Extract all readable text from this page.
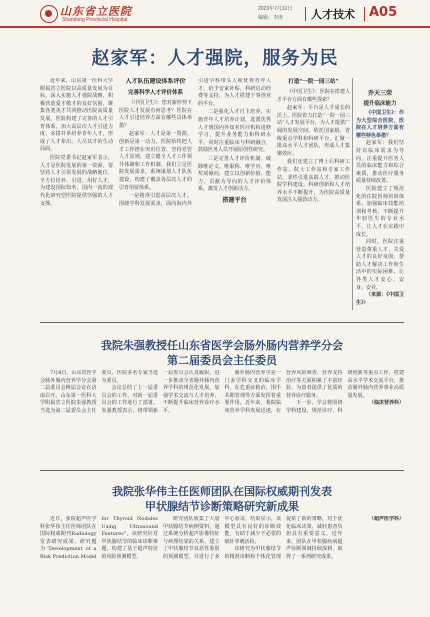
山东省立医院
Shandong Provincial Hospital
2023年7月31日
编辑：李涛	人才技术 A05
赵家军：人才强院，服务为民

近年来，山东第一医科大学附属省立医院以高质量发展为目标，深入实施人才强院战略，积极营造爱才敬才的良好氛围，聚集各类英才共同推动医院高质量发展。医院构建了完善的人才引育体系，加大高层次人才引进力度，多措并举培养青年人才，形成了人才辈出、人尽其才的生动局面。

医院党委书记赵家军表示，人才是医院发展的第一资源，要坚持人才引领发展的战略地位，全方位培养、引进、用好人才，为建设国际知名、国内一流的现代化研究型医院提供坚强的人才支撑。

人才队伍建设体系评价
完善科学人才评价体系

《中国卫生》：您对新形势下医院人才发展有何思考？医院在人才引进培养方面有哪些具体举措？

赵家军：人才是第一资源，创新是第一动力。医院始终把人才工作摆在突出位置，坚持党管人才原则，建立健全人才工作领导体制和工作机制。我们立足医院发展需求，系统谋划人才队伍建设，构建了覆盖各层次人才的引育用留体系。

一是精准引进高层次人才。围绕学科发展需求，面向海内外引进学科带头人和优秀青年人才，给予安家补贴、科研启动经费等支持，为人才搭建干事创业的平台。

二是强化人才自主培养。实施青年人才培养计划，选派优秀人才到国内外知名医疗机构进修学习，提升业务能力和科研水平。同时注重临床与科研融合，鼓励医务人员开展原创性研究。

三是完善人才评价机制。破除唯论文、唯职称、唯学历、唯奖项倾向，建立以创新价值、能力、贡献为导向的人才评价体系，激发人才创新活力。

搭建平台
打造“一院一园三站”

《中国卫生》：医院在搭建人才平台方面有哪些探索？

赵家军：平台是人才成长的沃土。医院着力打造“一院一园三站”人才发展平台，为人才提供广阔的发展空间。依托国家级、省级重点学科和科研平台，汇聚一批高水平人才团队，形成人才集聚效应。

我们还建立了博士后科研工作站、院士工作站和专家工作站，柔性引进高端人才，推动医院学科建设、科研创新和人才培养水平不断提升，为医院高质量发展注入强劲动力。

乔天三荣
提升临床能力

《中国卫生》：作为大型综合医院，医院在人才培养方面有哪些特色举措？

赵家军：我们坚持以临床需求为导向，注重提升医务人员的临床能力和综合素质，推动医疗服务质量持续改善。

医院建立了规范化的住院医师培训体系，加强临床技能培训和考核，不断提升年轻医生的专业水平，让人才在实践中成长。

同时，医院注重营造尊重人才、关爱人才的良好氛围，帮助人才解决工作和生活中的实际困难，让各类人才安心、安身、安业。

（来源：《中国卫生》）

我院朱强教授任山东省医学会肠外肠内营养学分会
第二届委员会主任委员

7月8日，山东省医学会肠外肠内营养学分会第二届委员会换届会议在济南召开。山东第一医科大学附属省立医院朱强教授当选为第二届委员会主任委员，医院多名专家当选为委员。

会议总结了上一届委员会的工作，对新一届委员会的工作进行了部署。朱强教授表示，将带领新一届委员会认真履职，进一步推动全省肠外肠内营养学科的规范化发展，加强学术交流与人才培养，不断提升临床营养诊疗水平。

肠外肠内营养学是一门多学科交叉的临床学科，在危重症救治、围手术期管理等方面发挥着重要作用。近年来，我院临床营养学科发展迅速，在营养风险筛查、营养支持治疗等方面积累了丰富经验，为患者提供了优质的营养诊疗服务。

下一步，学会将围绕学科建设、规范诊疗、科研创新等重点工作，搭建高水平学术交流平台，推动肠外肠内营养事业高质量发展。

（临床营养科）

我院张华伟主任医师团队在国际权威期刊发表
甲状腺结节诊断策略研究新成果

近日，我院超声医学科张华伟主任医师团队在国际权威期刊Radiology发表研究成果，研究题为“Development of a Risk Prediction Model for Thyroid Nodules Using Ultrasound Features”。该研究针对甲状腺结节的临床诊断难题，构建了基于超声特征的风险预测模型。

研究团队收集了大量甲状腺结节病例资料，通过系统分析超声影像特征与病理结果的关系，建立了甲状腺结节良恶性鉴别的预测模型，并进行了多中心验证。结果显示，该模型具有良好的诊断效能，有助于减少不必要的细针穿刺活检。

该研究为甲状腺结节的精准诊断和个体化管理提供了新的策略，对于优化临床决策、减轻患者负担具有重要意义。近年来，团队在甲状腺疾病超声诊断领域持续深耕，取得了一系列研究成果。

（超声医学科）
